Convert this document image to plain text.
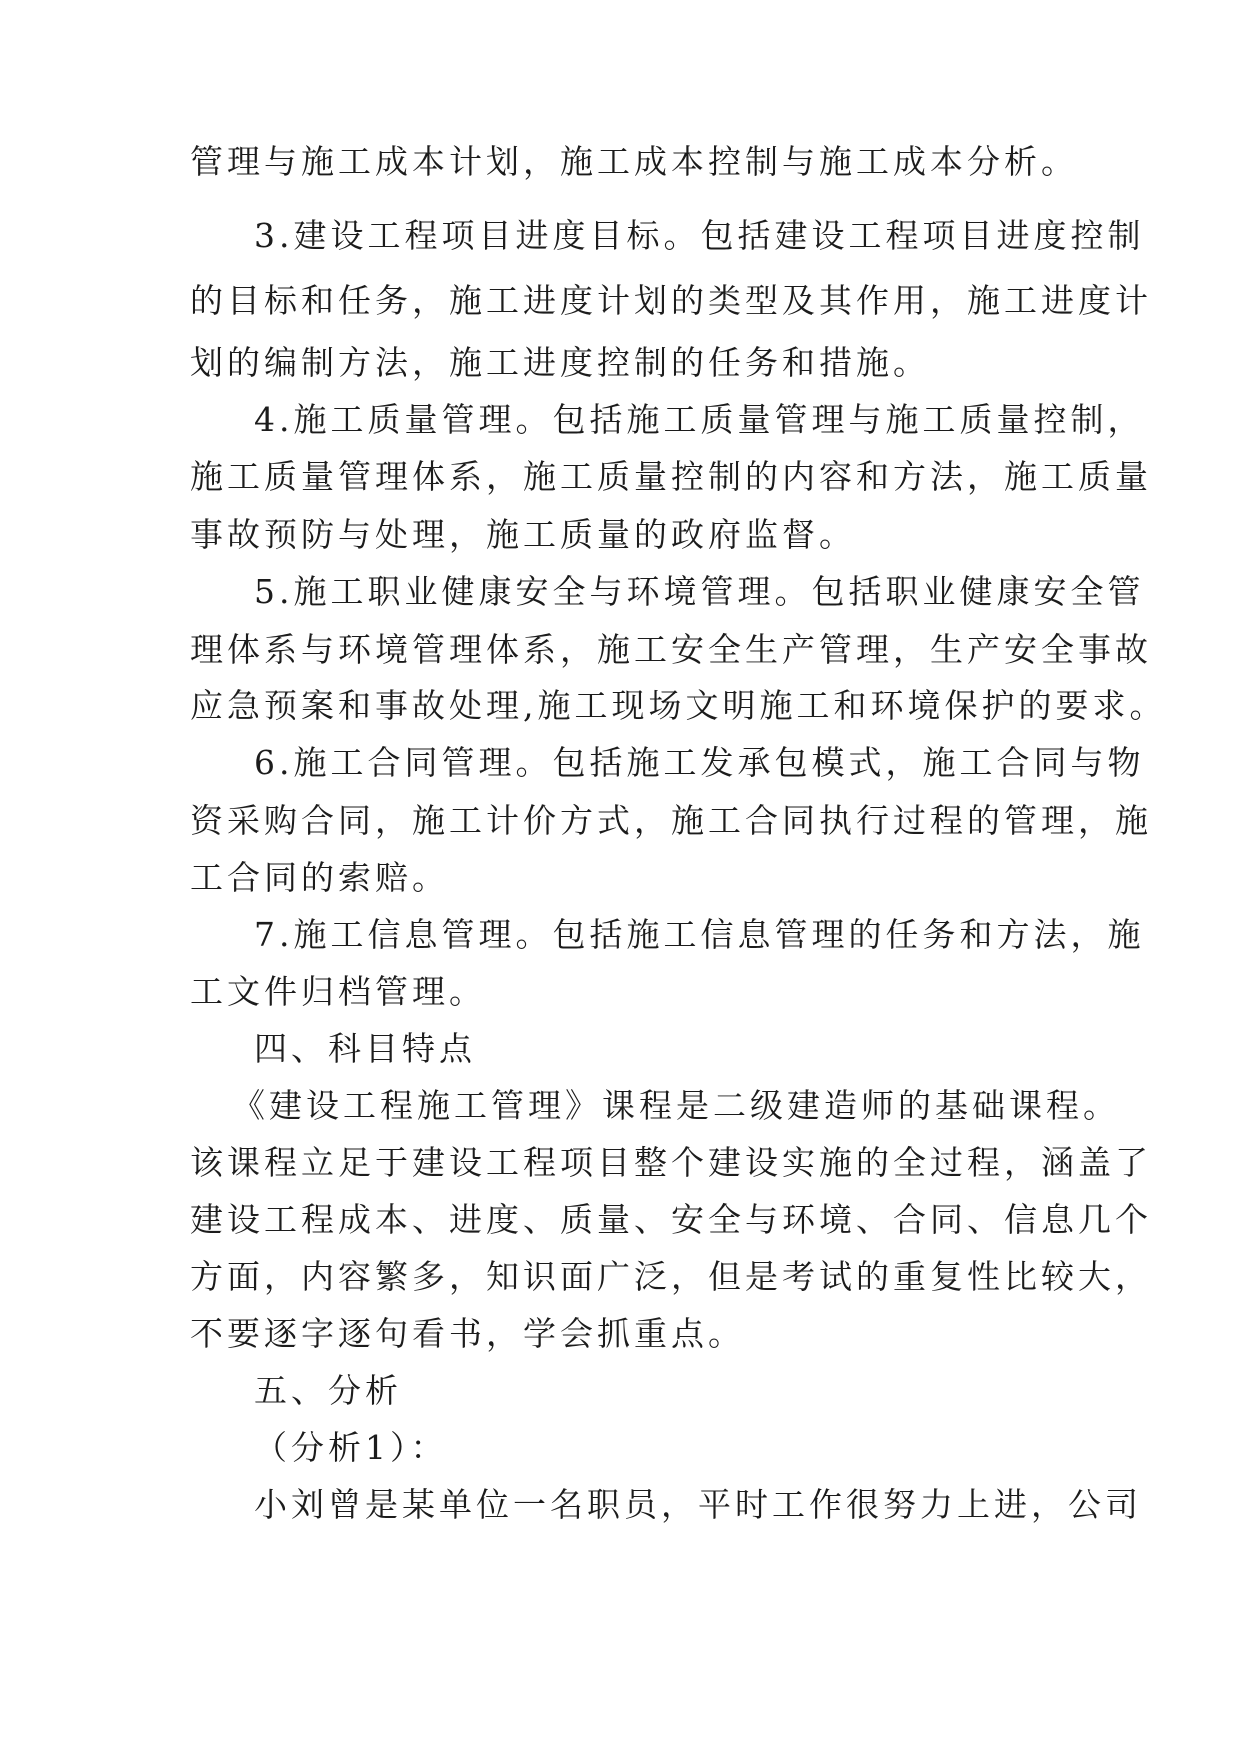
管理与施工成本计划，施工成本控制与施工成本分析。

3.建设工程项目进度目标。包括建设工程项目进度控制

的目标和任务，施工进度计划的类型及其作用，施工进度计

划的编制方法，施工进度控制的任务和措施。

4.施工质量管理。包括施工质量管理与施工质量控制，

施工质量管理体系，施工质量控制的内容和方法，施工质量

事故预防与处理，施工质量的政府监督。

5.施工职业健康安全与环境管理。包括职业健康安全管

理体系与环境管理体系，施工安全生产管理，生产安全事故

应急预案和事故处理,施工现场文明施工和环境保护的要求。

6.施工合同管理。包括施工发承包模式，施工合同与物

资采购合同，施工计价方式，施工合同执行过程的管理，施

工合同的索赔。

7.施工信息管理。包括施工信息管理的任务和方法，施

工文件归档管理。

四、科目特点

《建设工程施工管理》课程是二级建造师的基础课程。

该课程立足于建设工程项目整个建设实施的全过程，涵盖了

建设工程成本、进度、质量、安全与环境、合同、信息几个

方面，内容繁多，知识面广泛，但是考试的重复性比较大，

不要逐字逐句看书，学会抓重点。

五、分析

（分析1）：

小刘曾是某单位一名职员，平时工作很努力上进，公司
